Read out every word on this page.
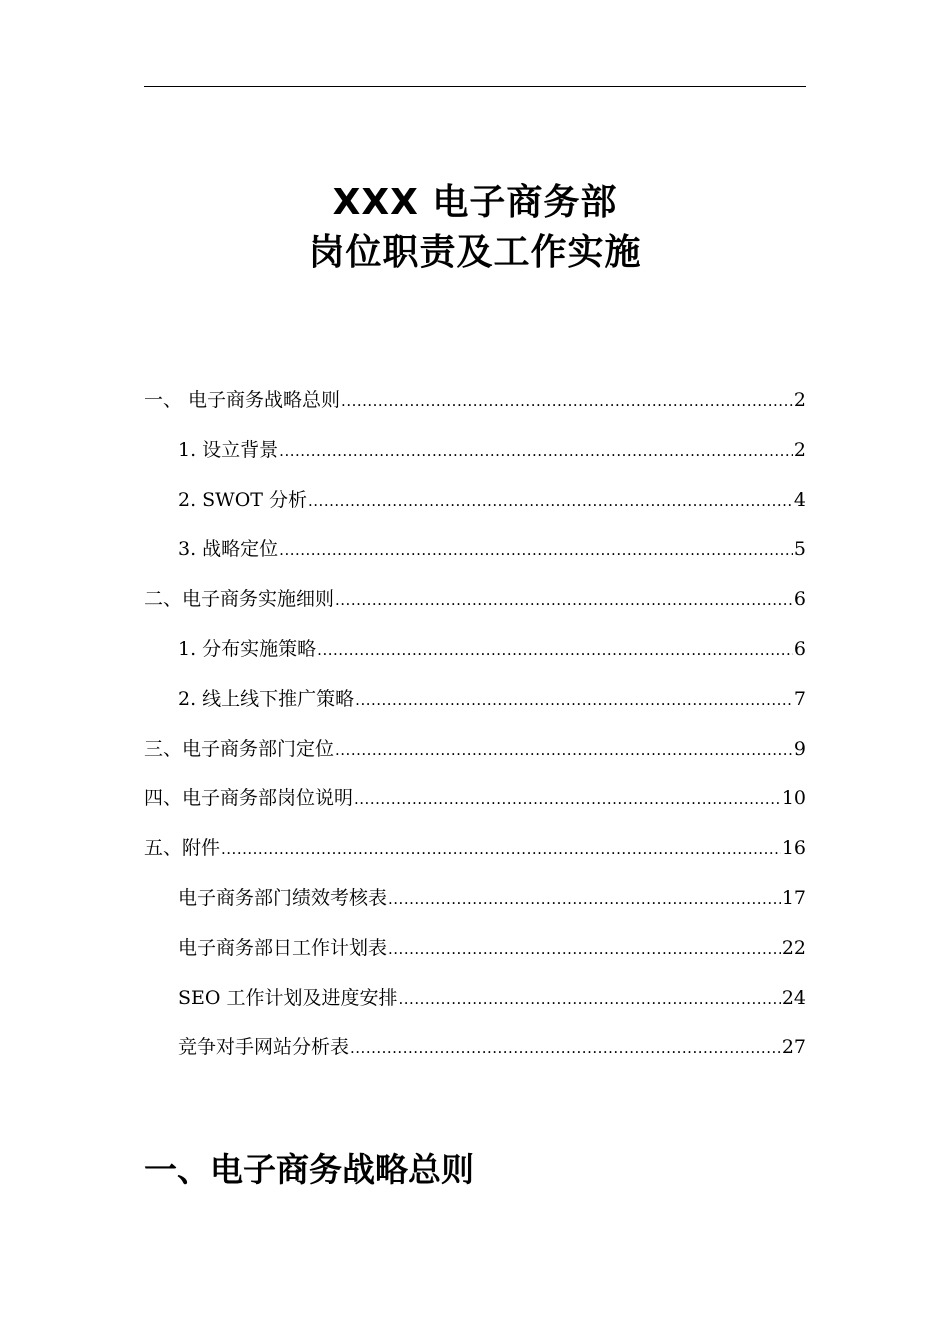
XXX 电子商务部
岗位职责及工作实施
一、 电子商务战略总则 .....	2
1. 设立背景 .....	2
2. SWOT 分析 .....	4
3. 战略定位 .....	5
二、电子商务实施细则 .....	6
1. 分布实施策略 .....	6
2. 线上线下推广策略 .....	7
三、电子商务部门定位 .....	9
四、电子商务部岗位说明 .....	10
五、附件 .....	16
电子商务部门绩效考核表 .....	17
电子商务部日工作计划表 .....	22
SEO 工作计划及进度安排 .....	24
竞争对手网站分析表 .....	27
一、电子商务战略总则
